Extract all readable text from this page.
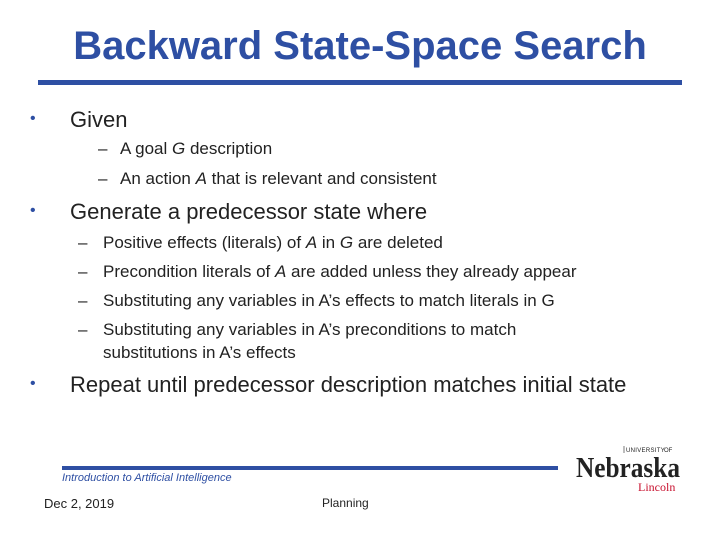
Backward State-Space Search
• Given
– A goal G description
– An action A that is relevant and consistent
• Generate a predecessor state where
– Positive effects (literals) of A in G are deleted
– Precondition literals of A are added unless they already appear
– Substituting any variables in A’s effects to match literals in G
– Substituting any variables in A’s preconditions to match
substitutions in A’s effects
• Repeat until predecessor description matches initial state
Introduction to Artificial Intelligence
Dec 2, 2019	Planning
UNIVERSITY
OF
Nebraska
Lincoln
